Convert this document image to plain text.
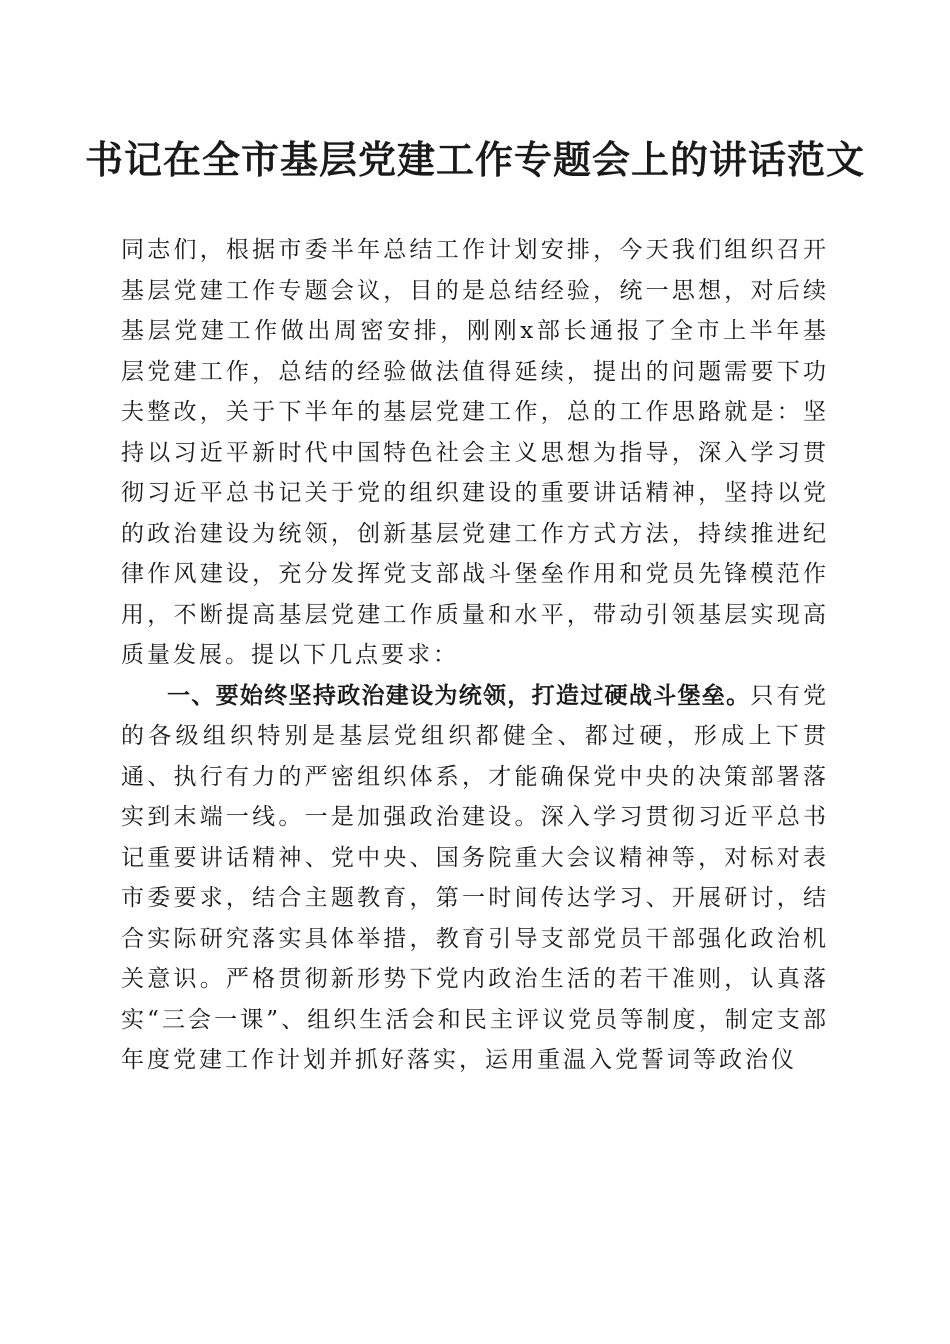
书记在全市基层党建工作专题会上的讲话范文

同志们，根据市委半年总结工作计划安排，今天我们组织召开基层党建工作专题会议，目的是总结经验，统一思想，对后续基层党建工作做出周密安排，刚刚x部长通报了全市上半年基层党建工作，总结的经验做法值得延续，提出的问题需要下功夫整改，关于下半年的基层党建工作，总的工作思路就是：坚持以习近平新时代中国特色社会主义思想为指导，深入学习贯彻习近平总书记关于党的组织建设的重要讲话精神，坚持以党的政治建设为统领，创新基层党建工作方式方法，持续推进纪律作风建设，充分发挥党支部战斗堡垒作用和党员先锋模范作用，不断提高基层党建工作质量和水平，带动引领基层实现高质量发展。提以下几点要求：

一、要始终坚持政治建设为统领，打造过硬战斗堡垒。只有党的各级组织特别是基层党组织都健全、都过硬，形成上下贯通、执行有力的严密组织体系，才能确保党中央的决策部署落实到末端一线。一是加强政治建设。深入学习贯彻习近平总书记重要讲话精神、党中央、国务院重大会议精神等，对标对表市委要求，结合主题教育，第一时间传达学习、开展研讨，结合实际研究落实具体举措，教育引导支部党员干部强化政治机关意识。严格贯彻新形势下党内政治生活的若干准则，认真落实“三会一课”、组织生活会和民主评议党员等制度，制定支部年度党建工作计划并抓好落实，运用重温入党誓词等政治仪
